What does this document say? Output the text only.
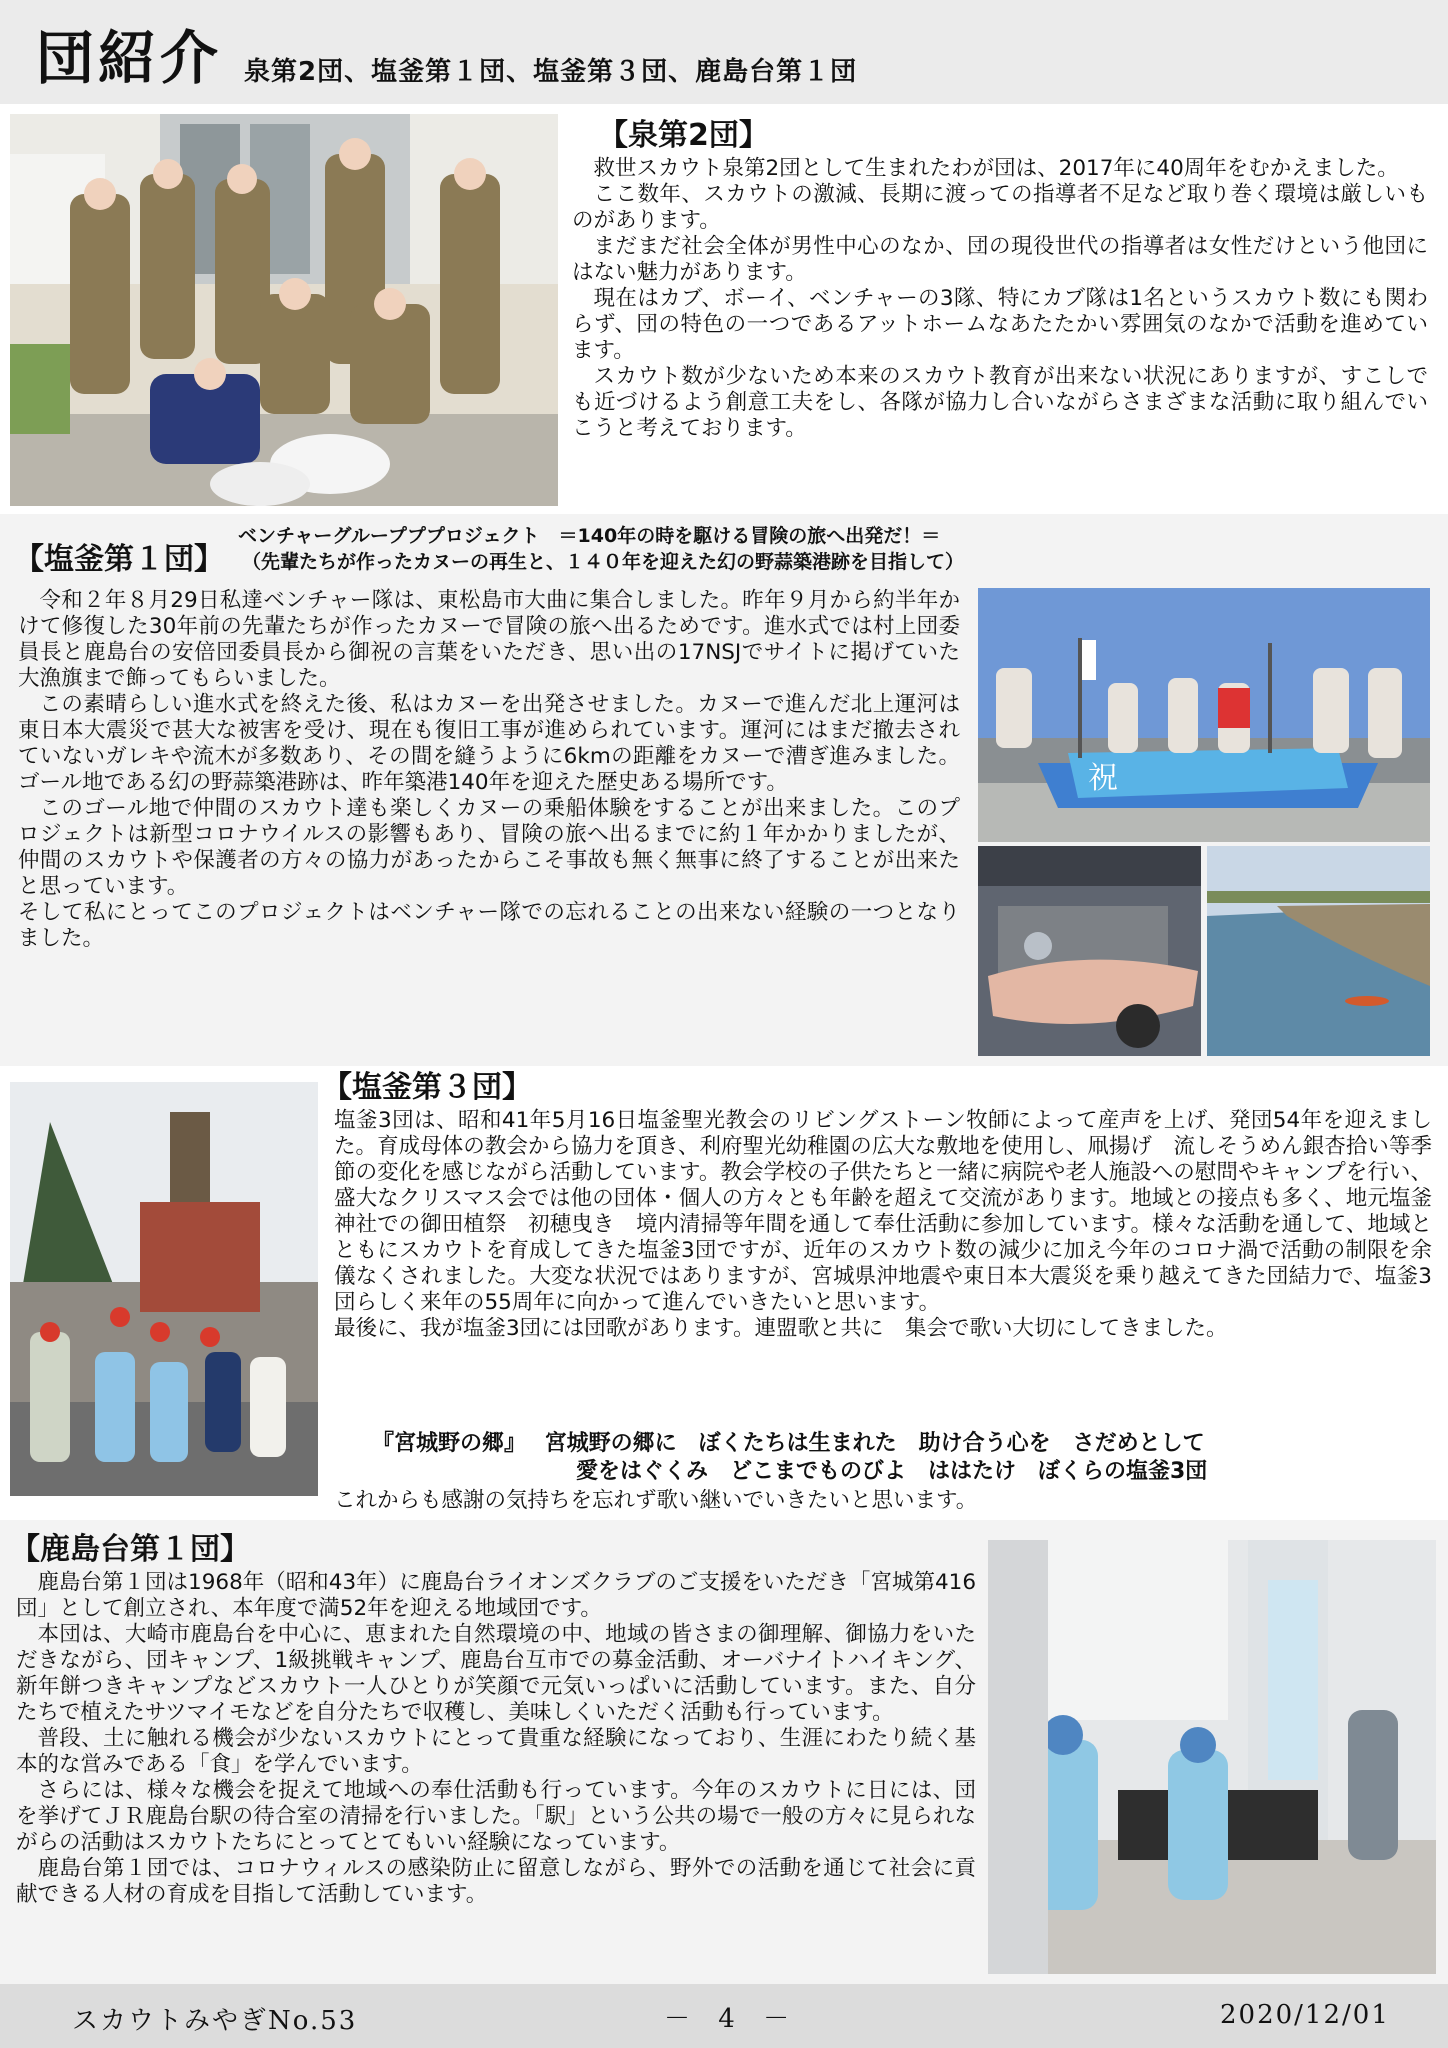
団紹介 泉第2団、塩釜第１団、塩釜第３団、鹿島台第１団
【泉第2団】

救世スカウト泉第2団として生まれたわが団は、2017年に40周年をむかえました。

ここ数年、スカウトの激減、長期に渡っての指導者不足など取り巻く環境は厳しいものがあります。

まだまだ社会全体が男性中心のなか、団の現役世代の指導者は女性だけという他団にはない魅力があります。

現在はカブ、ボーイ、ベンチャーの3隊、特にカブ隊は1名というスカウト数にも関わらず、団の特色の一つであるアットホームなあたたかい雰囲気のなかで活動を進めています。

スカウト数が少ないため本来のスカウト教育が出来ない状況にありますが、すこしでも近づけるよう創意工夫をし、各隊が協力し合いながらさまざまな活動に取り組んでいこうと考えております。

【塩釜第１団】
ベンチャーグループププロジェクト　＝140年の時を駆ける冒険の旅へ出発だ！＝
（先輩たちが作ったカヌーの再生と、１４０年を迎えた幻の野蒜築港跡を目指して）

令和２年８月29日私達ベンチャー隊は、東松島市大曲に集合しました。昨年９月から約半年かけて修復した30年前の先輩たちが作ったカヌーで冒険の旅へ出るためです。進水式では村上団委員長と鹿島台の安倍団委員長から御祝の言葉をいただき、思い出の17NSJでサイトに掲げていた大漁旗まで飾ってもらいました。

この素晴らしい進水式を終えた後、私はカヌーを出発させました。カヌーで進んだ北上運河は東日本大震災で甚大な被害を受け、現在も復旧工事が進められています。運河にはまだ撤去されていないガレキや流木が多数あり、その間を縫うように6kmの距離をカヌーで漕ぎ進みました。ゴール地である幻の野蒜築港跡は、昨年築港140年を迎えた歴史ある場所です。

このゴール地で仲間のスカウト達も楽しくカヌーの乗船体験をすることが出来ました。このプロジェクトは新型コロナウイルスの影響もあり、冒険の旅へ出るまでに約１年かかりましたが、仲間のスカウトや保護者の方々の協力があったからこそ事故も無く無事に終了することが出来たと思っています。

そして私にとってこのプロジェクトはベンチャー隊での忘れることの出来ない経験の一つとなりました。

祝
【塩釜第３団】

塩釜3団は、昭和41年5月16日塩釜聖光教会のリビングストーン牧師によって産声を上げ、発団54年を迎えました。育成母体の教会から協力を頂き、利府聖光幼稚園の広大な敷地を使用し、凧揚げ　流しそうめん銀杏拾い等季節の変化を感じながら活動しています。教会学校の子供たちと一緒に病院や老人施設への慰問やキャンプを行い、盛大なクリスマス会では他の団体・個人の方々とも年齢を超えて交流があります。地域との接点も多く、地元塩釜神社での御田植祭　初穂曳き　境内清掃等年間を通して奉仕活動に参加しています。様々な活動を通して、地域とともにスカウトを育成してきた塩釜3団ですが、近年のスカウト数の減少に加え今年のコロナ渦で活動の制限を余儀なくされました。大変な状況ではありますが、宮城県沖地震や東日本大震災を乗り越えてきた団結力で、塩釜3団らしく来年の55周年に向かって進んでいきたいと思います。

最後に、我が塩釜3団には団歌があります。連盟歌と共に　集会で歌い大切にしてきました。

『宮城野の郷』　 宮城野の郷に　ぼくたちは生まれた　助け合う心を　さだめとして
愛をはぐくみ　どこまでものびよ　ははたけ　ぼくらの塩釜3団
これからも感謝の気持ちを忘れず歌い継いでいきたいと思います。
【鹿島台第１団】

鹿島台第１団は1968年（昭和43年）に鹿島台ライオンズクラブのご支援をいただき「宮城第416団」として創立され、本年度で満52年を迎える地域団です。

本団は、大崎市鹿島台を中心に、恵まれた自然環境の中、地域の皆さまの御理解、御協力をいただきながら、団キャンプ、1級挑戦キャンプ、鹿島台互市での募金活動、オーバナイトハイキング、新年餅つきキャンプなどスカウト一人ひとりが笑顔で元気いっぱいに活動しています。また、自分たちで植えたサツマイモなどを自分たちで収穫し、美味しくいただく活動も行っています。

普段、土に触れる機会が少ないスカウトにとって貴重な経験になっており、生涯にわたり続く基本的な営みである「食」を学んでいます。

さらには、様々な機会を捉えて地域への奉仕活動も行っています。今年のスカウトに日には、団を挙げてＪＲ鹿島台駅の待合室の清掃を行いました。「駅」という公共の場で一般の方々に見られながらの活動はスカウトたちにとってとてもいい経験になっています。

鹿島台第１団では、コロナウィルスの感染防止に留意しながら、野外での活動を通じて社会に貢献できる人材の育成を目指して活動しています。

スカウトみやぎNo.53	－ 4 －	2020/12/01
